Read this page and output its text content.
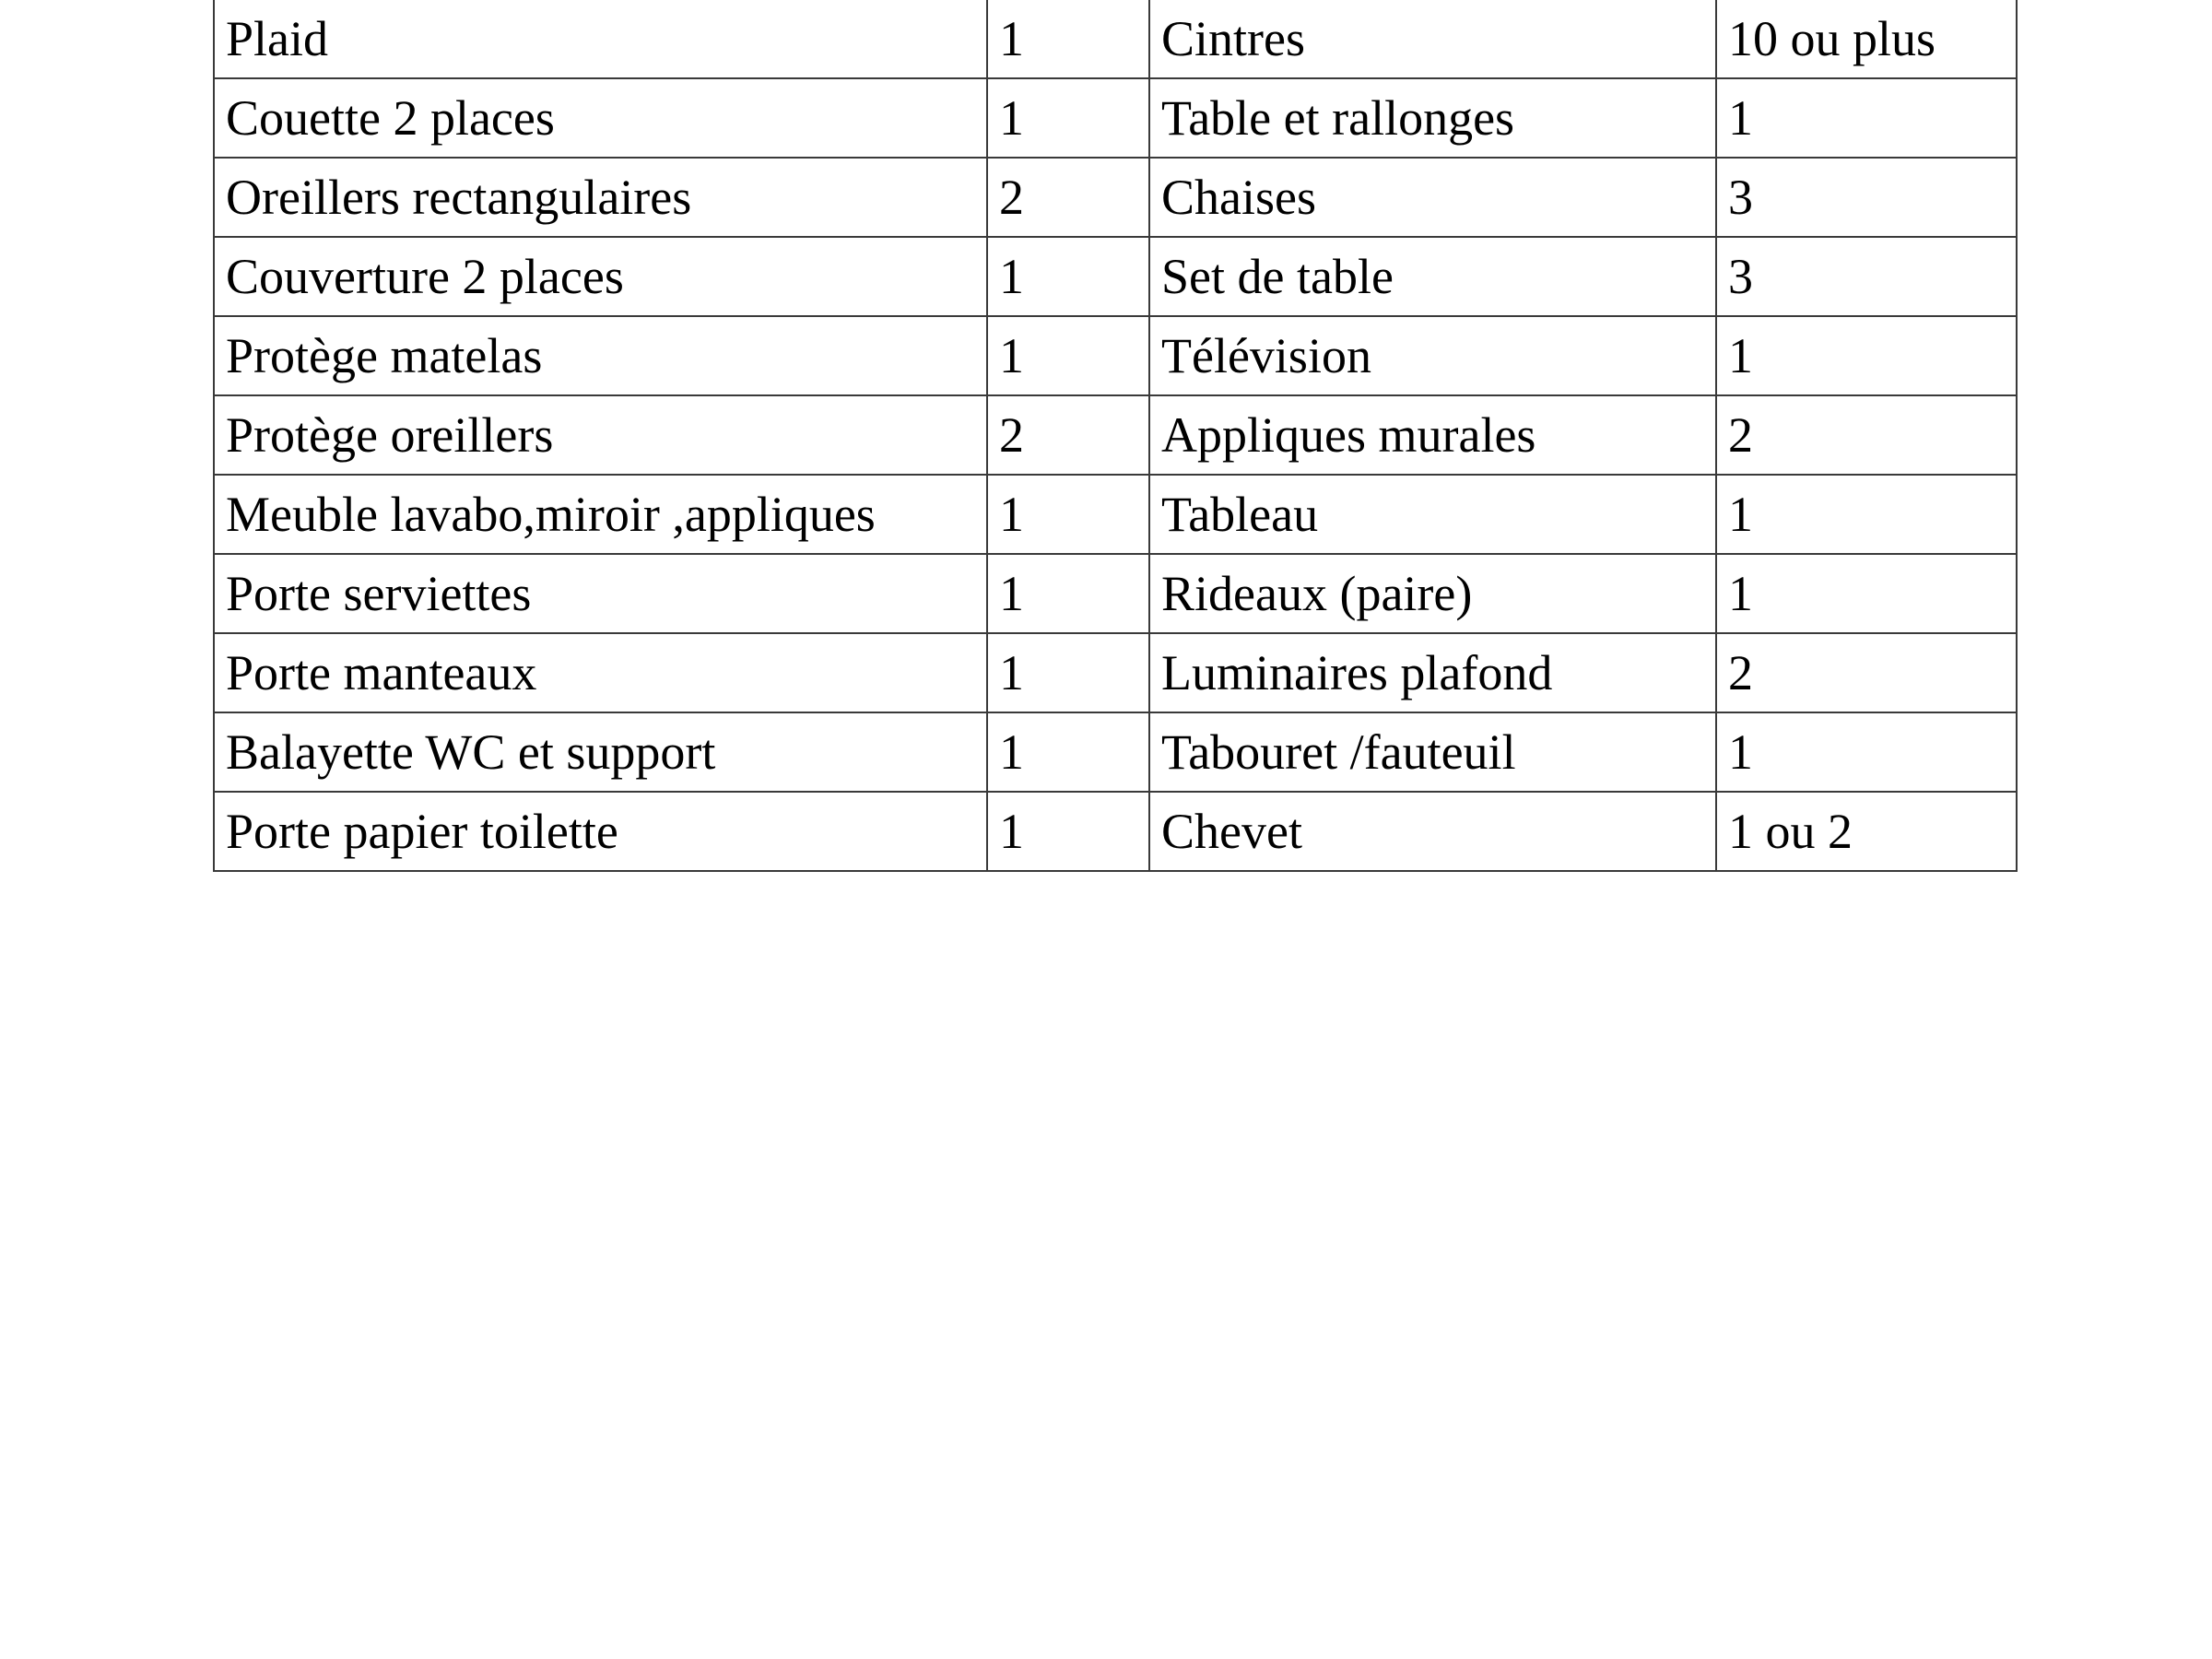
Plaid	1	Cintres	10 ou plus
Couette 2 places	1	Table et rallonges	1
Oreillers rectangulaires	2	Chaises	3
Couverture 2 places	1	Set de table	3
Protège matelas	1	Télévision	1
Protège oreillers	2	Appliques murales	2
Meuble lavabo,miroir ,appliques	1	Tableau	1
Porte serviettes	1	Rideaux (paire)	1
Porte manteaux	1	Luminaires plafond	2
Balayette WC et support	1	Tabouret /fauteuil	1
Porte papier toilette	1	Chevet	1 ou 2
